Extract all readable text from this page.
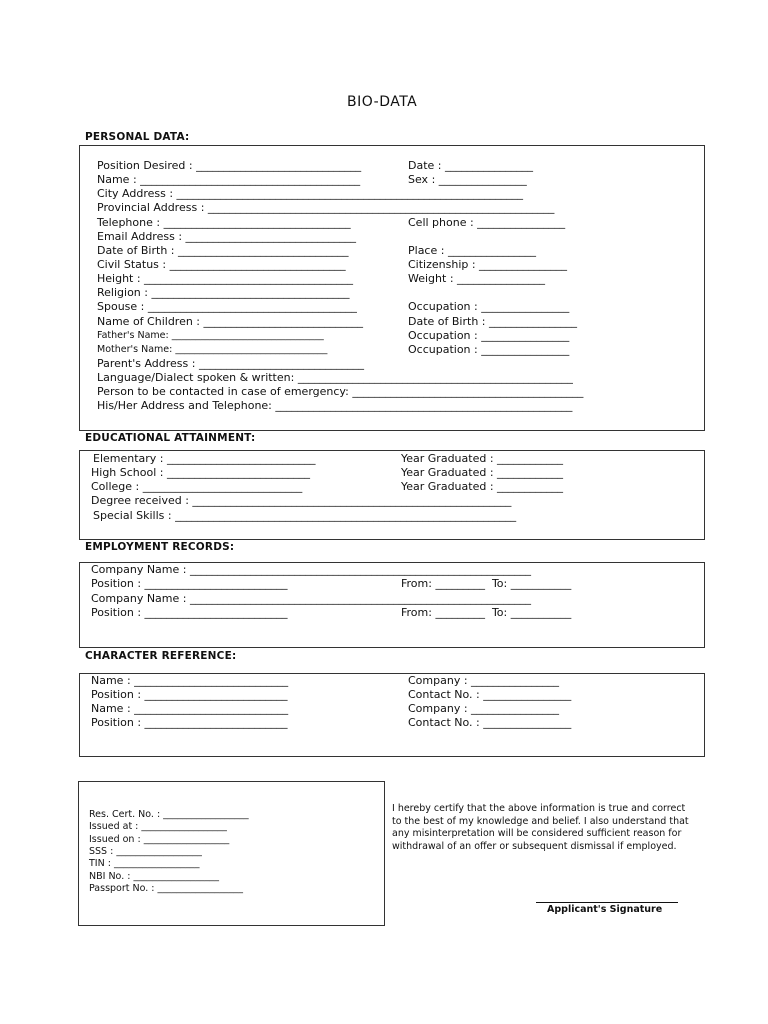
BIO-DATA
PERSONAL DATA:
Position Desired : ______________________________
Name : ________________________________________
City Address : _______________________________________________________________
Provincial Address : _______________________________________________________________
Telephone : __________________________________
Email Address : _______________________________
Date of Birth : _______________________________
Civil Status : ________________________________
Height : ______________________________________
Religion : ____________________________________
Spouse : ______________________________________
Name of Children : _____________________________
Father's Name: ________________________________
Mother's Name: ________________________________
Parent's Address : ______________________________
Language/Dialect spoken & written: __________________________________________________
Person to be contacted in case of emergency: __________________________________________
His/Her Address and Telephone: ______________________________________________________
Date : ________________
Sex : ________________
Cell phone : ________________
Place : ________________
Citizenship : ________________
Weight : ________________
Occupation : ________________
Date of Birth : ________________
Occupation : ________________
Occupation : ________________
EDUCATIONAL ATTAINMENT:
Elementary : ___________________________
High School : __________________________
College : _____________________________
Degree received : __________________________________________________________
Special Skills : ______________________________________________________________
Year Graduated : ____________
Year Graduated : ____________
Year Graduated : ____________
EMPLOYMENT RECORDS:
Company Name : ______________________________________________________________
Position : __________________________
Company Name : ______________________________________________________________
Position : __________________________
From: _________  To: ___________
From: _________  To: ___________
CHARACTER REFERENCE:
Name : ____________________________
Position : __________________________
Name : ____________________________
Position : __________________________
Company : ________________
Contact No. : ________________
Company : ________________
Contact No. : ________________
Res. Cert. No. : __________________
Issued at : __________________
Issued on : __________________
SSS : __________________
TIN : __________________
NBI No. : __________________
Passport No. : __________________
I hereby certify that the above information is true and correct to the best of my knowledge and belief. I also understand that any misinterpretation will be considered sufficient reason for withdrawal of an offer or subsequent dismissal if employed.
Applicant's Signature
